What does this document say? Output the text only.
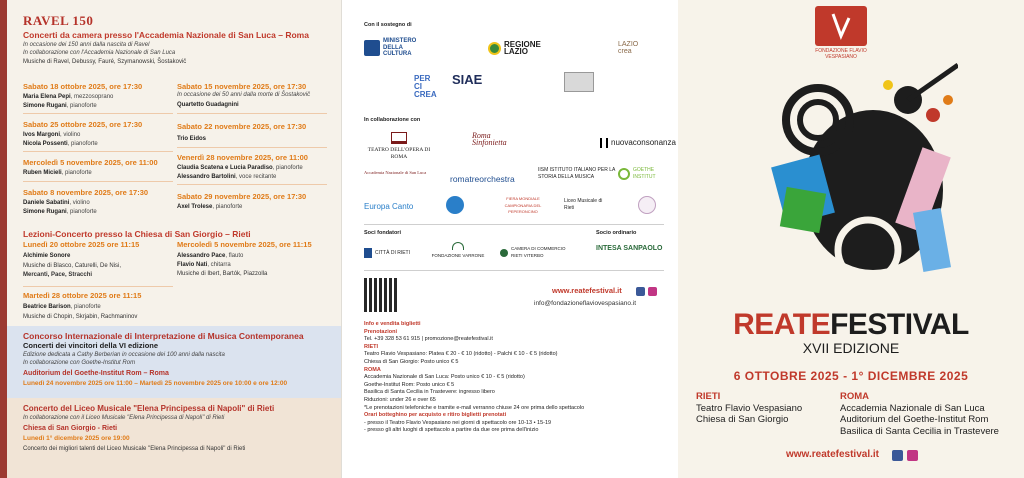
RAVEL 150
Concerti da camera presso l'Accademia Nazionale di San Luca – Roma
In occasione dei 150 anni dalla nascita di Ravel
In collaborazione con l'Accademia Nazionale di San Luca
Musiche di Ravel, Debussy, Fauré, Szymanowski, Šostakovič
Sabato 18 ottobre 2025, ore 17:30
Maria Elena Pepi, mezzosoprano
Simone Rugani, pianoforte
Sabato 25 ottobre 2025, ore 17:30
Ivos Margoni, violino
Nicola Possenti, pianoforte
Mercoledì 5 novembre 2025, ore 11:00
Ruben Micieli, pianoforte
Sabato 8 novembre 2025, ore 17:30
Daniele Sabatini, violino
Simone Rugani, pianoforte
Sabato 15 novembre 2025, ore 17:30
In occasione dei 50 anni dalla morte di Šostakovič
Quartetto Guadagnini
Sabato 22 novembre 2025, ore 17:30
Trio Eidos
Venerdì 28 novembre 2025, ore 11:00
Claudia Scatena e Lucia Paradiso, pianoforte
Alessandro Bartolini, voce recitante
Sabato 29 novembre 2025, ore 17:30
Axel Trolese, pianoforte
Lezioni-Concerto presso la Chiesa di San Giorgio – Rieti
Lunedì 20 ottobre 2025 ore 11:15
Alchimie Sonore
Musiche di Blasco, Caturelli, De Nisi,
Mercanti, Pace, Stracchi
Mercoledì 5 novembre 2025, ore 11:15
Alessandro Pace, flauto
Flavio Nati, chitarra
Musiche di Ibert, Bartók, Piazzolla
Martedì 28 ottobre 2025 ore 11:15
Beatrice Barison, pianoforte
Musiche di Chopin, Skrjabin, Rachmaninov
Concorso Internazionale di Interpretazione di Musica Contemporanea
Concerti dei vincitori della VI edizione
Edizione dedicata a Cathy Berberian in occasione dei 100 anni dalla nascita
In collaborazione con Goethe-Institut Rom
Auditorium del Goethe-Institut Rom – Roma
Lunedì 24 novembre 2025 ore 11:00 – Martedì 25 novembre 2025 ore 10:00 e ore 12:00
Concerto del Liceo Musicale "Elena Principessa di Napoli" di Rieti
In collaborazione con il Liceo Musicale "Elena Principessa di Napoli" di Rieti
Chiesa di San Giorgio - Rieti
Lunedì 1° dicembre 2025 ore 19:00
Concerto dei migliori talenti del Liceo Musicale "Elena Principessa di Napoli" di Rieti
Con il sostegno di
MINISTERO DELLA CULTURA
REGIONE LAZIO
LAZIO crea
PER CI CREA
SIAE
In collaborazione con
TEATRO DELL'OPERA DI ROMA
Roma Sinfonietta	nuovaconsonanza
Accademia Nazionale di San Luca
romatreorchestra
IISM ISTITUTO ITALIANO PER LA STORIA DELLA MUSICA
GOETHE INSTITUT
Europa Canto
FIERA MONDIALE CAMPIONARIA DEL PEPERONCINO
Liceo Musicale di Rieti
Soci fondatori	Socio ordinario
CITTÀ DI RIETI	FONDAZIONE VARRONE
CAMERA DI COMMERCIO RIETI VITERBO
INTESA SANPAOLO
www.reatefestival.it
info@fondazioneflaviovespasiano.it
Info e vendita biglietti
Prenotazioni
Tel. +39 328 53 61 915 | promozione@reatefestival.it
RIETI
Teatro Flavio Vespasiano: Platea € 20 - € 10 (ridotto) - Palchi € 10 - € 5 (ridotto)
Chiesa di San Giorgio: Posto unico € 5
ROMA
Accademia Nazionale di San Luca: Posto unico € 10 - € 5 (ridotto)
Goethe-Institut Rom: Posto unico € 5
Basilica di Santa Cecilia in Trastevere: ingresso libero
Riduzioni: under 26 e over 65
*Le prenotazioni telefoniche e tramite e-mail verranno chiuse 24 ore prima dello spettacolo
Orari botteghino per acquisto e ritiro biglietti prenotati
- presso il Teatro Flavio Vespasiano nei giorni di spettacolo ore 10-13 • 15-19
- presso gli altri luoghi di spettacolo a partire da due ore prima dell'inizio
FONDAZIONE FLAVIO VESPASIANO
REATEFESTIVAL
XVII EDIZIONE
6 OTTOBRE 2025 - 1° DICEMBRE 2025
RIETI
Teatro Flavio Vespasiano
Chiesa di San Giorgio
ROMA
Accademia Nazionale di San Luca
Auditorium del Goethe-Institut Rom
Basilica di Santa Cecilia in Trastevere
www.reatefestival.it
